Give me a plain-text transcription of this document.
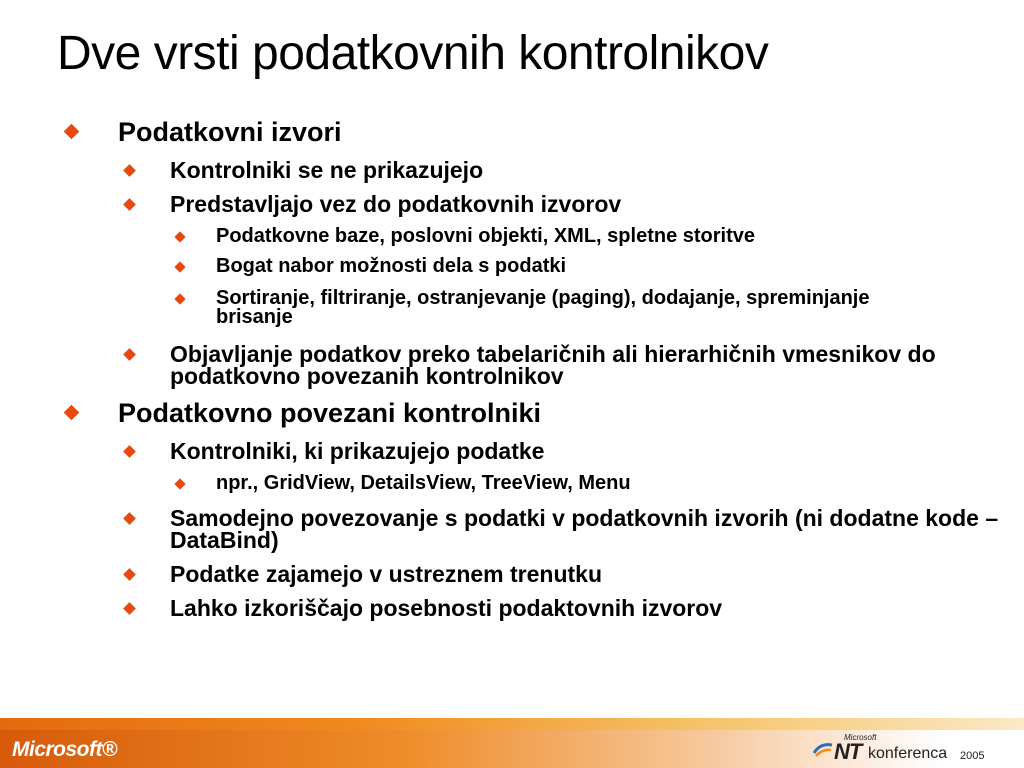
Dve vrsti podatkovnih kontrolnikov
Podatkovni izvori
Kontrolniki se ne prikazujejo
Predstavljajo vez do podatkovnih izvorov
Podatkovne baze, poslovni objekti, XML, spletne storitve
Bogat nabor možnosti dela s podatki
Sortiranje, filtriranje, ostranjevanje (paging), dodajanje, spreminjanje brisanje
Objavljanje podatkov preko tabelaričnih ali hierarhičnih vmesnikov do podatkovno povezanih kontrolnikov
Podatkovno povezani kontrolniki
Kontrolniki, ki prikazujejo podatke
npr., GridView, DetailsView, TreeView, Menu
Samodejno povezovanje s podatki v podatkovnih izvorih (ni dodatne kode – DataBind)
Podatke zajamejo v ustreznem trenutku
Lahko izkoriščajo posebnosti podaktovnih izvorov
Microsoft®
Microsoft
NT konferenca 2005
